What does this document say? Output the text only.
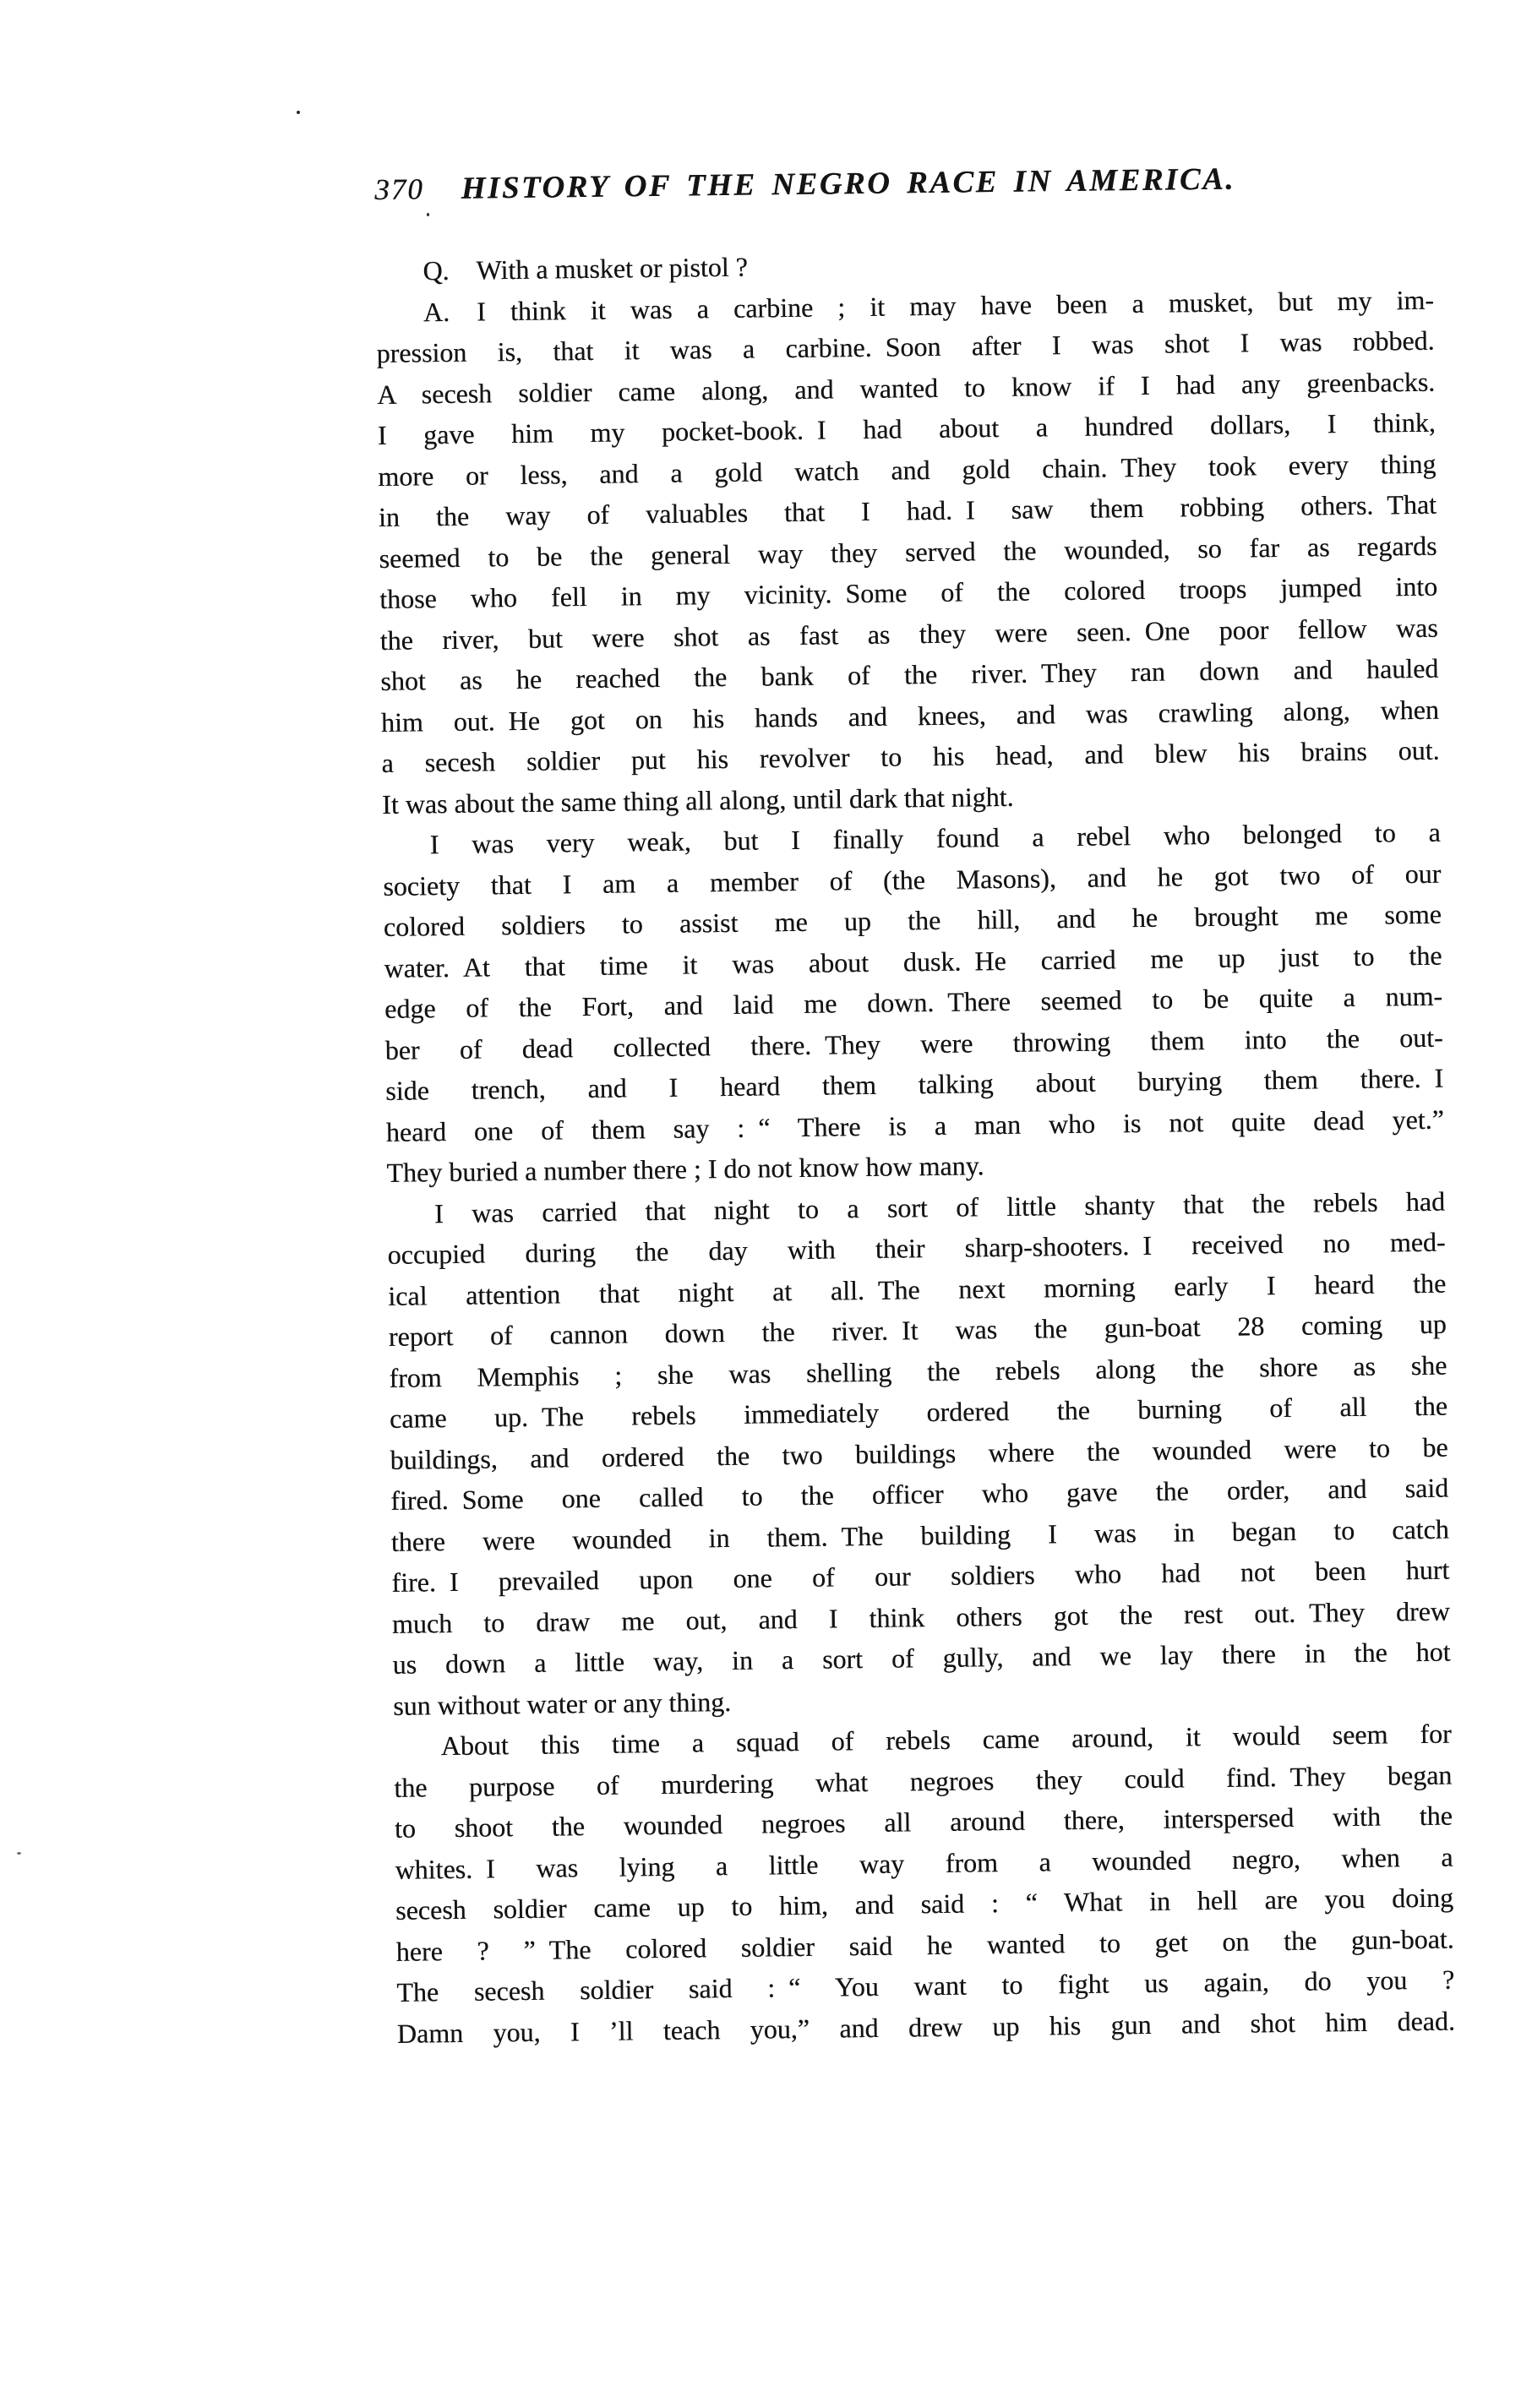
370 HISTORY OF THE NEGRO RACE IN AMERICA.
Q. With a musket or pistol ?
A. I think it was a carbine ; it may have been a musket, but my im-
pression is, that it was a carbine. Soon after I was shot I was robbed.
A secesh soldier came along, and wanted to know if I had any greenbacks.
I gave him my pocket-book. I had about a hundred dollars, I think,
more or less, and a gold watch and gold chain. They took every thing
in the way of valuables that I had. I saw them robbing others. That
seemed to be the general way they served the wounded, so far as regards
those who fell in my vicinity. Some of the colored troops jumped into
the river, but were shot as fast as they were seen. One poor fellow was
shot as he reached the bank of the river. They ran down and hauled
him out. He got on his hands and knees, and was crawling along, when
a secesh soldier put his revolver to his head, and blew his brains out.
It was about the same thing all along, until dark that night.
I was very weak, but I finally found a rebel who belonged to a
society that I am a member of (the Masons), and he got two of our
colored soldiers to assist me up the hill, and he brought me some
water. At that time it was about dusk. He carried me up just to the
edge of the Fort, and laid me down. There seemed to be quite a num-
ber of dead collected there. They were throwing them into the out-
side trench, and I heard them talking about burying them there. I
heard one of them say : “ There is a man who is not quite dead yet.”
They buried a number there ; I do not know how many.
I was carried that night to a sort of little shanty that the rebels had
occupied during the day with their sharp-shooters. I received no med-
ical attention that night at all. The next morning early I heard the
report of cannon down the river. It was the gun-boat 28 coming up
from Memphis ; she was shelling the rebels along the shore as she
came up. The rebels immediately ordered the burning of all the
buildings, and ordered the two buildings where the wounded were to be
fired. Some one called to the officer who gave the order, and said
there were wounded in them. The building I was in began to catch
fire. I prevailed upon one of our soldiers who had not been hurt
much to draw me out, and I think others got the rest out. They drew
us down a little way, in a sort of gully, and we lay there in the hot
sun without water or any thing.
About this time a squad of rebels came around, it would seem for
the purpose of murdering what negroes they could find. They began
to shoot the wounded negroes all around there, interspersed with the
whites. I was lying a little way from a wounded negro, when a
secesh soldier came up to him, and said : “ What in hell are you doing
here ? ” The colored soldier said he wanted to get on the gun-boat.
The secesh soldier said : “ You want to fight us again, do you ?
Damn you, I ’ll teach you,” and drew up his gun and shot him dead.
